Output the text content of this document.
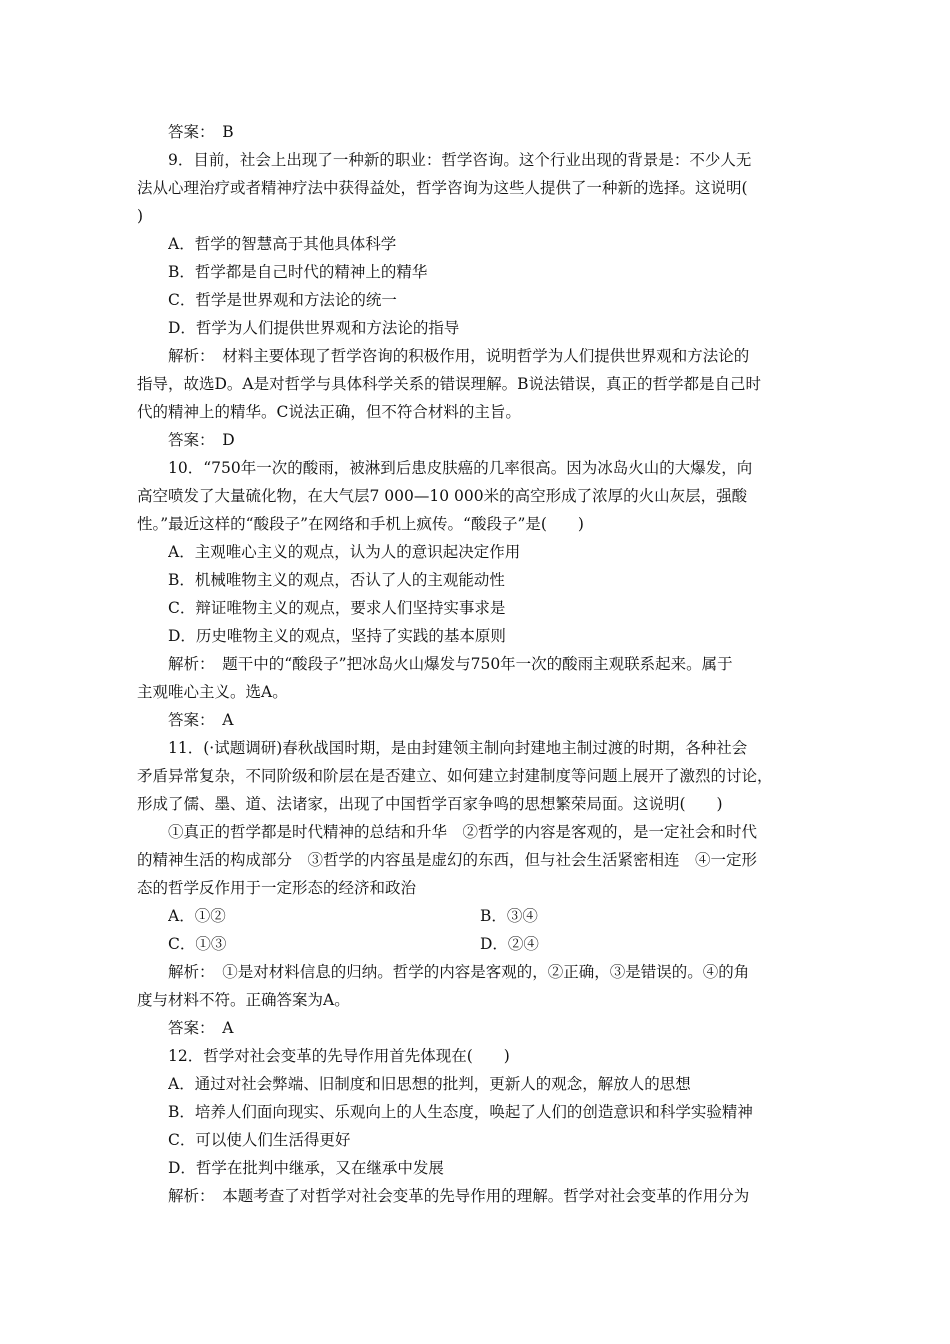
答案：　B
9．目前，社会上出现了一种新的职业：哲学咨询。这个行业出现的背景是：不少人无
法从心理治疗或者精神疗法中获得益处，哲学咨询为这些人提供了一种新的选择。这说明(
)
A．哲学的智慧高于其他具体科学
B．哲学都是自己时代的精神上的精华
C．哲学是世界观和方法论的统一
D．哲学为人们提供世界观和方法论的指导
解析：　材料主要体现了哲学咨询的积极作用，说明哲学为人们提供世界观和方法论的
指导，故选D。A是对哲学与具体科学关系的错误理解。B说法错误，真正的哲学都是自己时
代的精神上的精华。C说法正确，但不符合材料的主旨。
答案：　D
10．“750年一次的酸雨，被淋到后患皮肤癌的几率很高。因为冰岛火山的大爆发，向
高空喷发了大量硫化物，在大气层7 000—10 000米的高空形成了浓厚的火山灰层，强酸
性。”最近这样的“酸段子”在网络和手机上疯传。“酸段子”是(　　)
A．主观唯心主义的观点，认为人的意识起决定作用
B．机械唯物主义的观点，否认了人的主观能动性
C．辩证唯物主义的观点，要求人们坚持实事求是
D．历史唯物主义的观点，坚持了实践的基本原则
解析：　题干中的“酸段子”把冰岛火山爆发与750年一次的酸雨主观联系起来。属于
主观唯心主义。选A。
答案：　A
11．(·试题调研)春秋战国时期，是由封建领主制向封建地主制过渡的时期，各种社会
矛盾异常复杂，不同阶级和阶层在是否建立、如何建立封建制度等问题上展开了激烈的讨论，
形成了儒、墨、道、法诸家，出现了中国哲学百家争鸣的思想繁荣局面。这说明(　　)
①真正的哲学都是时代精神的总结和升华　②哲学的内容是客观的，是一定社会和时代
的精神生活的构成部分　③哲学的内容虽是虚幻的东西，但与社会生活紧密相连　④一定形
态的哲学反作用于一定形态的经济和政治
A．①②	B．③④
C．①③	D．②④
解析：　①是对材料信息的归纳。哲学的内容是客观的，②正确，③是错误的。④的角
度与材料不符。正确答案为A。
答案：　A
12．哲学对社会变革的先导作用首先体现在(　　)
A．通过对社会弊端、旧制度和旧思想的批判，更新人的观念，解放人的思想
B．培养人们面向现实、乐观向上的人生态度，唤起了人们的创造意识和科学实验精神
C．可以使人们生活得更好
D．哲学在批判中继承，又在继承中发展
解析：　本题考查了对哲学对社会变革的先导作用的理解。哲学对社会变革的作用分为
